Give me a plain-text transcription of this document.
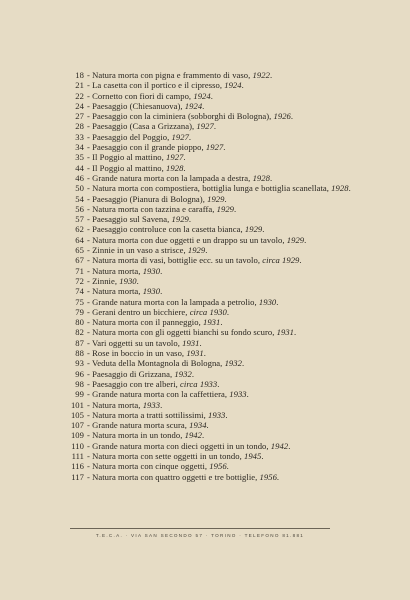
18 - Natura morta con pigna e frammento di vaso, 1922.
21 - La casetta con il portico e il cipresso, 1924.
22 - Cornetto con fiori di campo, 1924.
24 - Paesaggio (Chiesanuova), 1924.
27 - Paesaggio con la ciminiera (sobborghi di Bologna), 1926.
28 - Paesaggio (Casa a Grizzana), 1927.
33 - Paesaggio del Poggio, 1927.
34 - Paesaggio con il grande pioppo, 1927.
35 - Il Poggio al mattino, 1927.
44 - Il Poggio al mattino, 1928.
46 - Grande natura morta con la lampada a destra, 1928.
50 - Natura morta con compostiera, bottiglia lunga e bottiglia scanellata, 1928.
54 - Paesaggio (Pianura di Bologna), 1929.
56 - Natura morta con tazzina e caraffa, 1929.
57 - Paesaggio sul Savena, 1929.
62 - Paesaggio controluce con la casetta bianca, 1929.
64 - Natura morta con due oggetti e un drappo su un tavolo, 1929.
65 - Zinnie in un vaso a strisce, 1929.
67 - Natura morta di vasi, bottiglie ecc. su un tavolo, circa 1929.
71 - Natura morta, 1930.
72 - Zinnie, 1930.
74 - Natura morta, 1930.
75 - Grande natura morta con la lampada a petrolio, 1930.
79 - Gerani dentro un bicchiere, circa 1930.
80 - Natura morta con il panneggio, 1931.
82 - Natura morta con gli oggetti bianchi su fondo scuro, 1931.
87 - Vari oggetti su un tavolo, 1931.
88 - Rose in boccio in un vaso, 1931.
93 - Veduta della Montagnola di Bologna, 1932.
96 - Paesaggio di Grizzana, 1932.
98 - Paesaggio con tre alberi, circa 1933.
99 - Grande natura morta con la caffettiera, 1933.
101 - Natura morta, 1933.
105 - Natura morta a tratti sottilissimi, 1933.
107 - Grande natura morta scura, 1934.
109 - Natura morta in un tondo, 1942.
110 - Grande natura morta con dieci oggetti in un tondo, 1942.
111 - Natura morta con sette oggetti in un tondo, 1945.
116 - Natura morta con cinque oggetti, 1956.
117 - Natura morta con quattro oggetti e tre bottiglie, 1956.
T.E.C.A. · VIA SAN SECONDO 57 · TORINO · TELEFONO 81.881
